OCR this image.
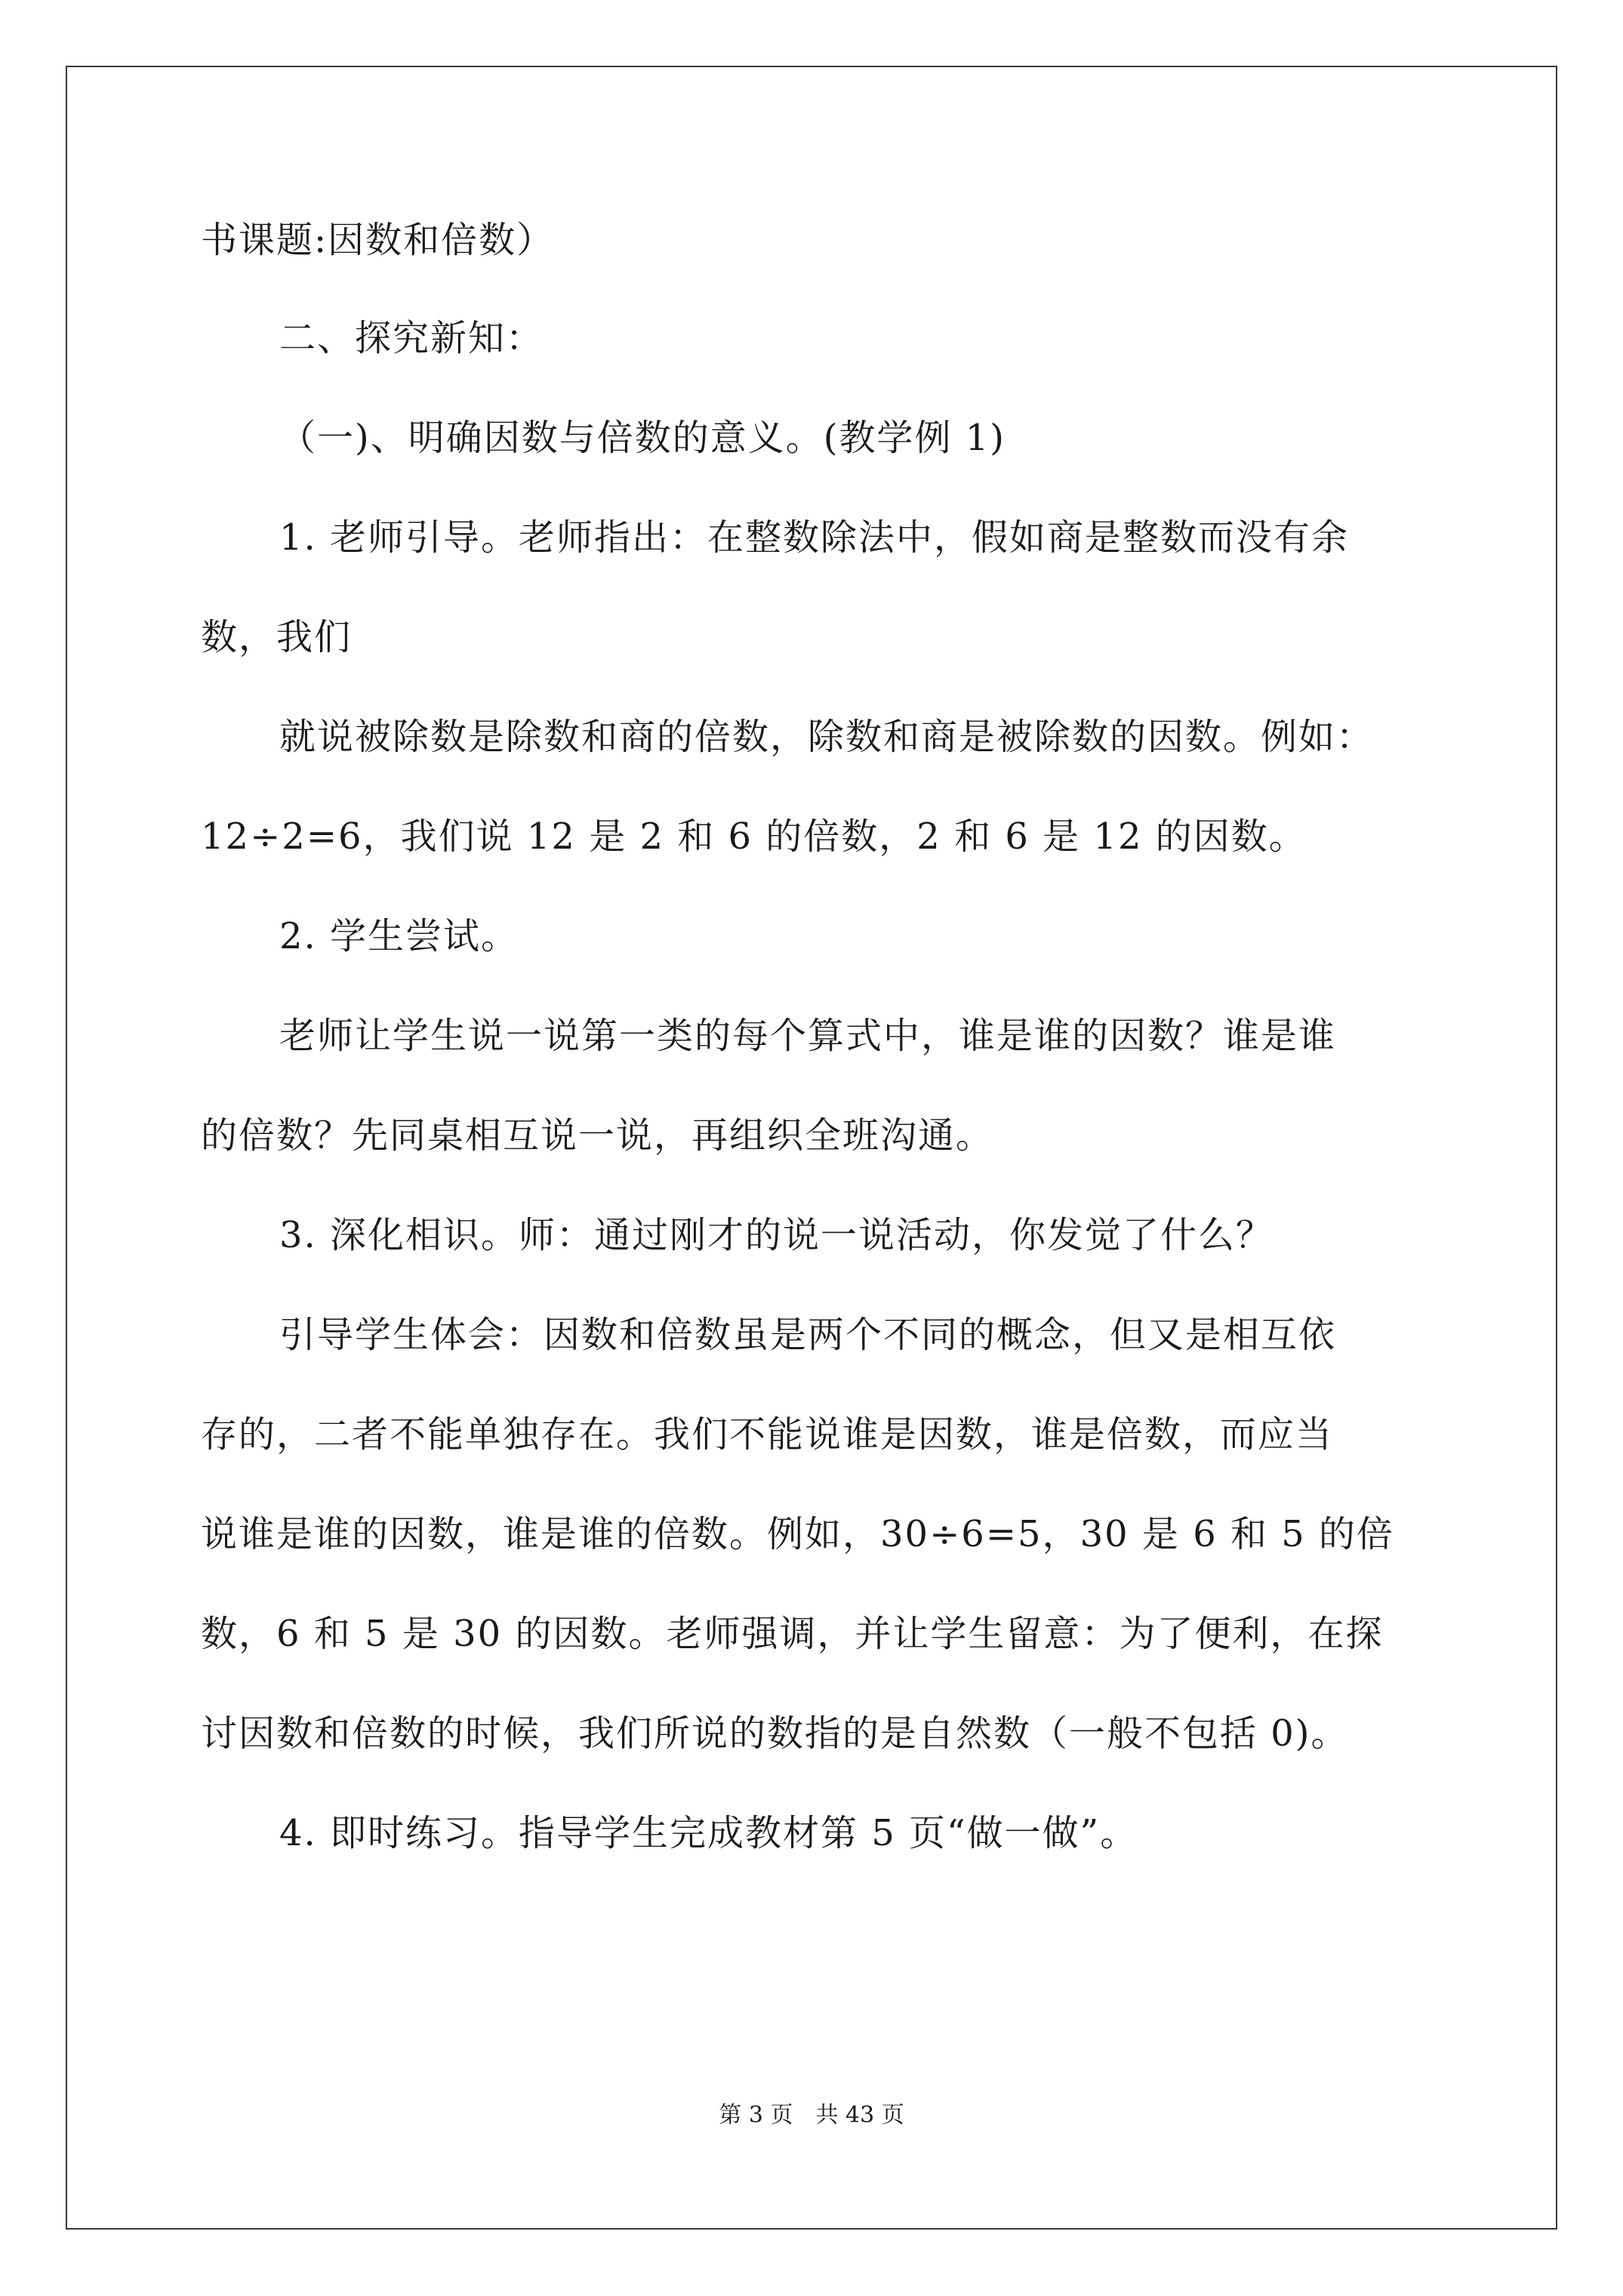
书课题:因数和倍数）
二、探究新知：
（一)、明确因数与倍数的意义。(教学例 1)
1. 老师引导。老师指出：在整数除法中，假如商是整数而没有余
数，我们
就说被除数是除数和商的倍数，除数和商是被除数的因数。例如：
12÷2=6，我们说 12 是 2 和 6 的倍数，2 和 6 是 12 的因数。
2. 学生尝试。
老师让学生说一说第一类的每个算式中，谁是谁的因数？谁是谁
的倍数？先同桌相互说一说，再组织全班沟通。
3. 深化相识。师：通过刚才的说一说活动，你发觉了什么？
引导学生体会：因数和倍数虽是两个不同的概念，但又是相互依
存的，二者不能单独存在。我们不能说谁是因数，谁是倍数，而应当
说谁是谁的因数，谁是谁的倍数。例如，30÷6=5，30 是 6 和 5 的倍
数，6 和 5 是 30 的因数。老师强调，并让学生留意：为了便利，在探
讨因数和倍数的时候，我们所说的数指的是自然数（一般不包括 0)。
4. 即时练习。指导学生完成教材第 5 页“做一做”。
第 3 页　共 43 页
